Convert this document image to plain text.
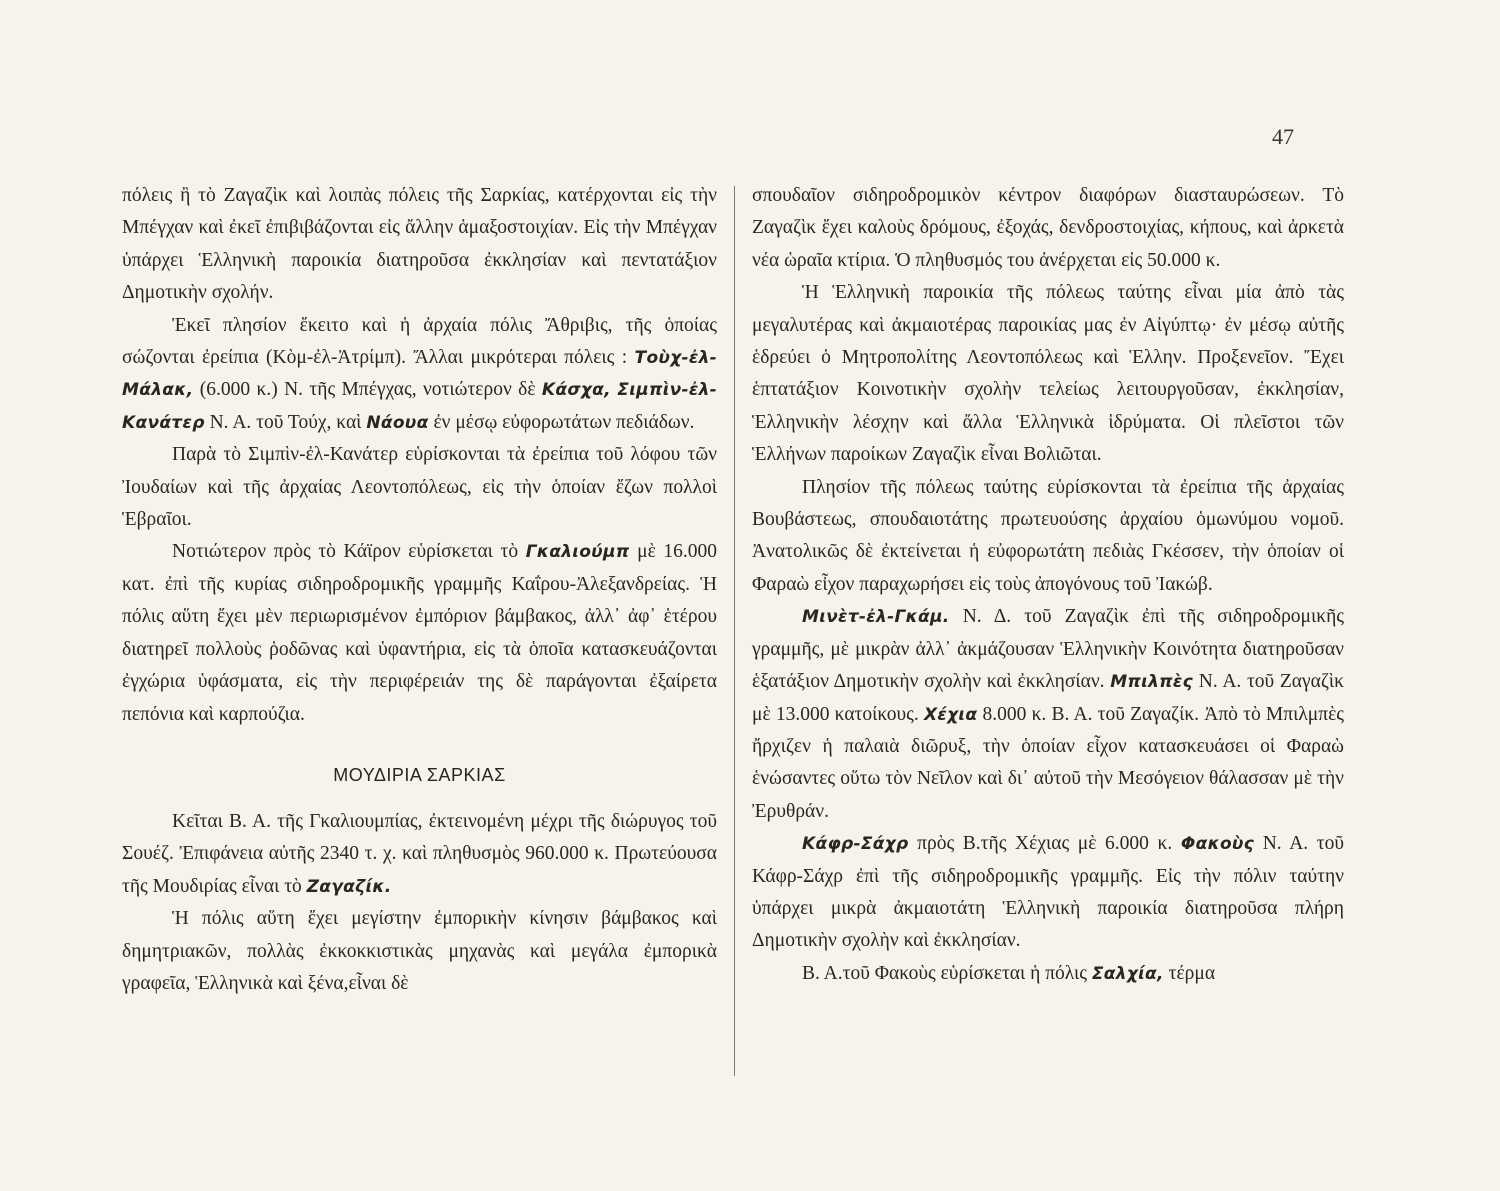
47

πόλεις ἢ τὸ Ζαγαζὶκ καὶ λοιπὰς πόλεις τῆς Σαρκίας, κατέρχονται εἰς τὴν Μπέγχαν καὶ ἐκεῖ ἐπιβιβάζονται εἰς ἄλλην ἁμαξοστοιχίαν. Εἰς τὴν Μπέγχαν ὑπάρχει Ἑλληνικὴ παροικία διατηροῦσα ἐκκλησίαν καὶ πεντατάξιον Δημοτικὴν σχολήν.

Ἐκεῖ πλησίον ἔκειτο καὶ ἡ ἀρχαία πόλις Ἄθριβις, τῆς ὁποίας σώζονται ἐρείπια (Κὸμ-ἐλ-Ἀτρίμπ). Ἄλλαι μικρότεραι πόλεις : Τοὺχ-ἐλ-Μάλακ, (6.000 κ.) Ν. τῆς Μπέγχας, νοτιώτερον δὲ Κάσχα, Σιμπὶν-ἐλ-Κανάτερ Ν. Α. τοῦ Τούχ, καὶ Νάουα ἐν μέσῳ εὐφορωτάτων πεδιάδων.

Παρὰ τὸ Σιμπὶν-ἐλ-Κανάτερ εὑρίσκονται τὰ ἐρείπια τοῦ λόφου τῶν Ἰουδαίων καὶ τῆς ἀρχαίας Λεοντοπόλεως, εἰς τὴν ὁποίαν ἔζων πολλοὶ Ἑβραῖοι.

Νοτιώτερον πρὸς τὸ Κάϊρον εὑρίσκεται τὸ Γκαλιούμπ μὲ 16.000 κατ. ἐπὶ τῆς κυρίας σιδηροδρομικῆς γραμμῆς Καΐρου-Ἀλεξανδρείας. Ἡ πόλις αὕτη ἔχει μὲν περιωρισμένον ἐμπόριον βάμβακος, ἀλλ᾽ ἀφ᾽ ἑτέρου διατηρεῖ πολλοὺς ῥοδῶνας καὶ ὑφαντήρια, εἰς τὰ ὁποῖα κατασκευάζονται ἐγχώρια ὑφάσματα, εἰς τὴν περιφέρειάν της δὲ παράγονται ἐξαίρετα πεπόνια καὶ καρπούζια.

ΜΟΥΔΙΡΙΑ ΣΑΡΚΙΑΣ

Κεῖται Β. Α. τῆς Γκαλιουμπίας, ἐκτεινομένη μέχρι τῆς διώρυγος τοῦ Σουέζ. Ἐπιφάνεια αὐτῆς 2340 τ. χ. καὶ πληθυσμὸς 960.000 κ. Πρωτεύουσα τῆς Μουδιρίας εἶναι τὸ Ζαγαζίκ.

Ἡ πόλις αὕτη ἔχει μεγίστην ἐμπορικὴν κίνησιν βάμβακος καὶ δημητριακῶν, πολλὰς ἐκκοκκιστικὰς μηχανὰς καὶ μεγάλα ἐμπορικὰ γραφεῖα, Ἑλληνικὰ καὶ ξένα,εἶναι δὲ

σπουδαῖον σιδηροδρομικὸν κέντρον διαφόρων διασταυρώσεων. Τὸ Ζαγαζὶκ ἔχει καλοὺς δρόμους, ἐξοχάς, δενδροστοιχίας, κήπους, καὶ ἀρκετὰ νέα ὡραῖα κτίρια. Ὁ πληθυσμός του ἀνέρχεται εἰς 50.000 κ.

Ἡ Ἑλληνικὴ παροικία τῆς πόλεως ταύτης εἶναι μία ἀπὸ τὰς μεγαλυτέρας καὶ ἀκμαιοτέρας παροικίας μας ἐν Αἰγύπτῳ· ἐν μέσῳ αὐτῆς ἑδρεύει ὁ Μητροπολίτης Λεοντοπόλεως καὶ Ἑλλην. Προξενεῖον. Ἔχει ἑπτατάξιον Κοινοτικὴν σχολὴν τελείως λειτουργοῦσαν, ἐκκλησίαν, Ἑλληνικὴν λέσχην καὶ ἄλλα Ἑλληνικὰ ἱδρύματα. Οἱ πλεῖστοι τῶν Ἑλλήνων παροίκων Ζαγαζὶκ εἶναι Βολιῶται.

Πλησίον τῆς πόλεως ταύτης εὑρίσκονται τὰ ἐρείπια τῆς ἀρχαίας Βουβάστεως, σπουδαιοτάτης πρωτευούσης ἀρχαίου ὁμωνύμου νομοῦ. Ἀνατολικῶς δὲ ἐκτείνεται ἡ εὐφορωτάτη πεδιὰς Γκέσσεν, τὴν ὁποίαν οἱ Φαραὼ εἶχον παραχωρήσει εἰς τοὺς ἀπογόνους τοῦ Ἰακώβ.

Μινὲτ-ἐλ-Γκάμ. Ν. Δ. τοῦ Ζαγαζὶκ ἐπὶ τῆς σιδηροδρομικῆς γραμμῆς, μὲ μικρὰν ἀλλ᾽ ἀκμάζουσαν Ἑλληνικὴν Κοινότητα διατηροῦσαν ἑξατάξιον Δημοτικὴν σχολὴν καὶ ἐκκλησίαν. Μπιλπὲς Ν. Α. τοῦ Ζαγαζὶκ μὲ 13.000 κατοίκους. Χέχια 8.000 κ. Β. Α. τοῦ Ζαγαζίκ. Ἀπὸ τὸ Μπιλμπὲς ἤρχιζεν ἡ παλαιὰ διῶρυξ, τὴν ὁποίαν εἶχον κατασκευάσει οἱ Φαραὼ ἑνώσαντες οὕτω τὸν Νεῖλον καὶ δι᾽ αὐτοῦ τὴν Μεσόγειον θάλασσαν μὲ τὴν Ἐρυθράν.

Κάφρ-Σάχρ πρὸς Β.τῆς Χέχιας μὲ 6.000 κ. Φακοὺς Ν. Α. τοῦ Κάφρ-Σάχρ ἐπὶ τῆς σιδηροδρομικῆς γραμμῆς. Εἰς τὴν πόλιν ταύτην ὑπάρχει μικρὰ ἀκμαιοτάτη Ἑλληνικὴ παροικία διατηροῦσα πλήρη Δημοτικὴν σχολὴν καὶ ἐκκλησίαν.

Β. Α.τοῦ Φακοὺς εὑρίσκεται ἡ πόλις Σαλχία, τέρμα
